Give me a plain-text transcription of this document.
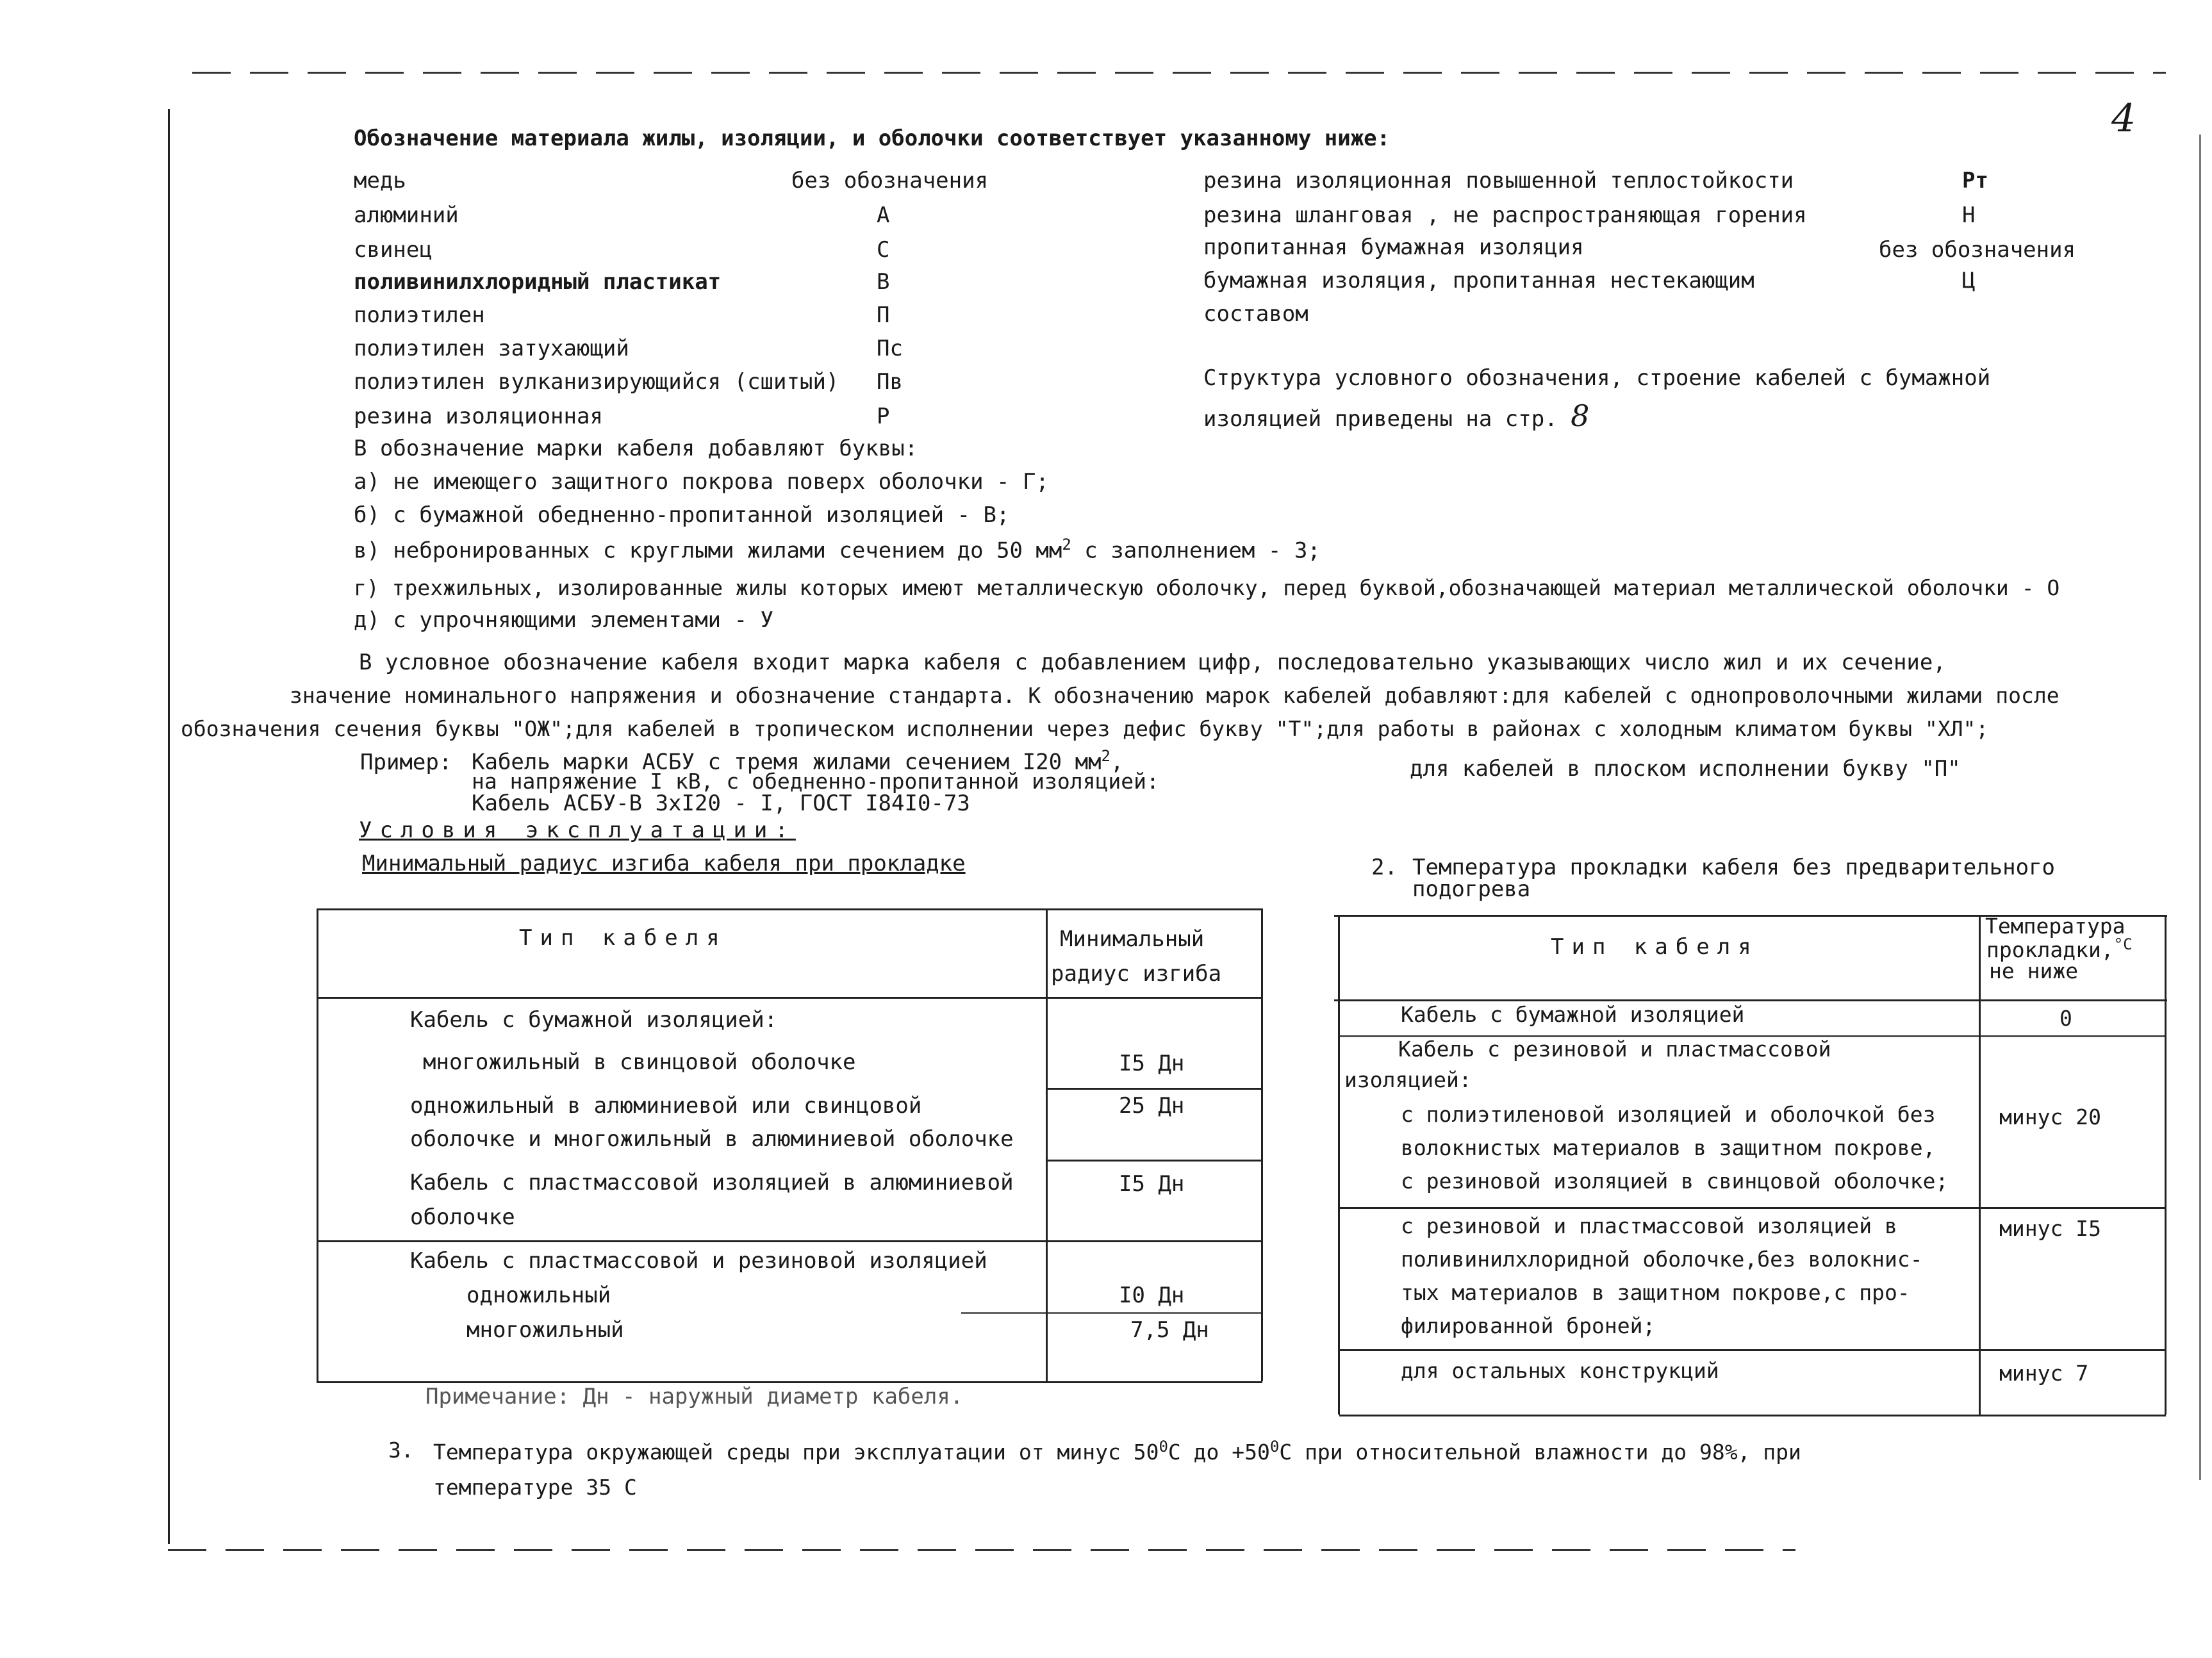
4
Обозначение материала жилы, изоляции, и оболочки соответствует указанному ниже:
медь	без обозначения
алюминий	А
свинец	С
поливинилхлоридный пластикат	В
полиэтилен	П
полиэтилен затухающий	Пс
полиэтилен вулканизирующийся (сшитый) Пв
резина изоляционная	Р
резина изоляционная повышенной теплостойкости	Рт
резина шланговая , не распространяющая горения	Н
пропитанная бумажная изоляция	без обозначения
бумажная изоляция, пропитанная нестекающим	Ц
составом
Структура условного обозначения, строение кабелей с бумажной
изоляцией приведены на стр. 8
В обозначение марки кабеля добавляют буквы:
а) не имеющего защитного покрова поверх оболочки - Г;
б) с бумажной обедненно-пропитанной изоляцией - В;
в) небронированных с круглыми жилами сечением до 50 $мм^2$ с заполнением - З;
г) трехжильных, изолированные жилы которых имеют металлическую оболочку, перед буквой,обозначающей материал металлической оболочки - О
д) с упрочняющими элементами - У
В условное обозначение кабеля входит марка кабеля с добавлением цифр, последовательно указывающих число жил и их сечение,
значение номинального напряжения и обозначение стандарта. К обозначению марок кабелей добавляют:для кабелей с однопроволочными жилами после
обозначения сечения буквы "ОЖ";для кабелей в тропическом исполнении через дефис букву "Т";для работы в районах с холодным климатом буквы "ХЛ";
для кабелей в плоском исполнении букву "П"
Пример: Кабель марки АСБУ с тремя жилами сечением I20 $мм^2$,
на напряжение I кВ, с обедненно-пропитанной изоляцией:
Кабель АСБУ-В 3хI20 - I, ГОСТ I84I0-73
Условия эксплуатации:
Минимальный радиус изгиба кабеля при прокладке
Тип кабеля	Минимальный
радиус изгиба
Кабель с бумажной изоляцией:
многожильный в свинцовой оболочке	I5 Дн
одножильный в алюминиевой или свинцовой	25 Дн
оболочке и многожильный в алюминиевой оболочке
Кабель с пластмассовой изоляцией в алюминиевой	I5 Дн
оболочке
Кабель с пластмассовой и резиновой изоляцией
одножильный	I0 Дн
многожильный	7,5 Дн
Примечание: Дн - наружный диаметр кабеля.
2. Температура прокладки кабеля без предварительного
подогрева
Тип кабеля
Температура
прокладки,$^{^\circ С}$
не ниже
Кабель с бумажной изоляцией	0
Кабель с резиновой и пластмассовой
изоляцией:
с полиэтиленовой изоляцией и оболочкой без	минус 20
волокнистых материалов в защитном покрове,
с резиновой изоляцией в свинцовой оболочке;
с резиновой и пластмассовой изоляцией в	минус I5
поливинилхлоридной оболочке,без волокнис-
тых материалов в защитном покрове,с про-
филированной броней;
для остальных конструкций	минус 7
3. Температура окружающей среды при эксплуатации от минус $50^0С$ до $+50^0С$ при относительной влажности до 98%, при
температуре 35 С
